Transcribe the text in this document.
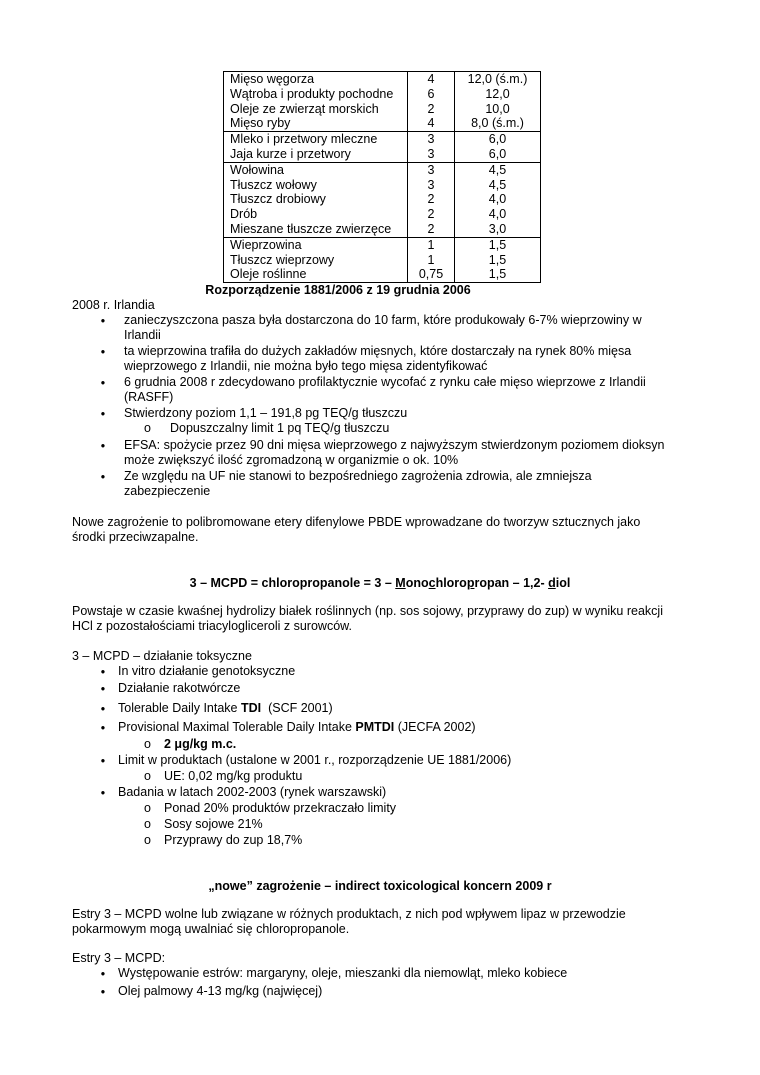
Mięso węgorza	4	12,0 (ś.m.)
Wątroba i produkty pochodne	6	12,0
Oleje ze zwierząt morskich	2	10,0
Mięso ryby	4	8,0 (ś.m.)
Mleko i przetwory mleczne	3	6,0
Jaja kurze i przetwory	3	6,0
Wołowina	3	4,5
Tłuszcz wołowy	3	4,5
Tłuszcz drobiowy	2	4,0
Drób	2	4,0
Mieszane tłuszcze zwierzęce	2	3,0
Wieprzowina	1	1,5
Tłuszcz wieprzowy	1	1,5
Oleje roślinne	0,75	1,5
Rozporządzenie 1881/2006 z 19 grudnia 2006
2008 r. Irlandia
• zanieczyszczona pasza była dostarczona do 10 farm, które produkowały 6-7% wieprzowiny w
Irlandii
• ta wieprzowina trafiła do dużych zakładów mięsnych, które dostarczały na rynek 80% mięsa
wieprzowego z Irlandii, nie można było tego mięsa zidentyfikować
• 6 grudnia 2008 r zdecydowano profilaktycznie wycofać z rynku całe mięso wieprzowe z Irlandii
(RASFF)
• Stwierdzony poziom 1,1 – 191,8 pg TEQ/g tłuszczu
o Dopuszczalny limit 1 pq TEQ/g tłuszczu
• EFSA: spożycie przez 90 dni mięsa wieprzowego z najwyższym stwierdzonym poziomem dioksyn
może zwiększyć ilość zgromadzoną w organizmie o ok. 10%
• Ze względu na UF nie stanowi to bezpośredniego zagrożenia zdrowia, ale zmniejsza
zabezpieczenie
Nowe zagrożenie to polibromowane etery difenylowe PBDE wprowadzane do tworzyw sztucznych jako
środki przeciwzapalne.
3 – MCPD = chloropropanole = 3 – Monochloropropan – 1,2- diol
Powstaje w czasie kwaśnej hydrolizy białek roślinnych (np. sos sojowy, przyprawy do zup) w wyniku reakcji
HCl z pozostałościami triacylogliceroli z surowców.
3 – MCPD – działanie toksyczne
• In vitro działanie genotoksyczne
• Działanie rakotwórcze
• Tolerable Daily Intake TDI  (SCF 2001)
• Provisional Maximal Tolerable Daily Intake PMTDI (JECFA 2002)
o 2 μg/kg m.c.
• Limit w produktach (ustalone w 2001 r., rozporządzenie UE 1881/2006)
o UE: 0,02 mg/kg produktu
• Badania w latach 2002-2003 (rynek warszawski)
o Ponad 20% produktów przekraczało limity
o Sosy sojowe 21%
o Przyprawy do zup 18,7%
„nowe” zagrożenie – indirect toxicological koncern 2009 r
Estry 3 – MCPD wolne lub związane w różnych produktach, z nich pod wpływem lipaz w przewodzie
pokarmowym mogą uwalniać się chloropropanole.
Estry 3 – MCPD:
• Występowanie estrów: margaryny, oleje, mieszanki dla niemowląt, mleko kobiece
• Olej palmowy 4-13 mg/kg (najwięcej)
